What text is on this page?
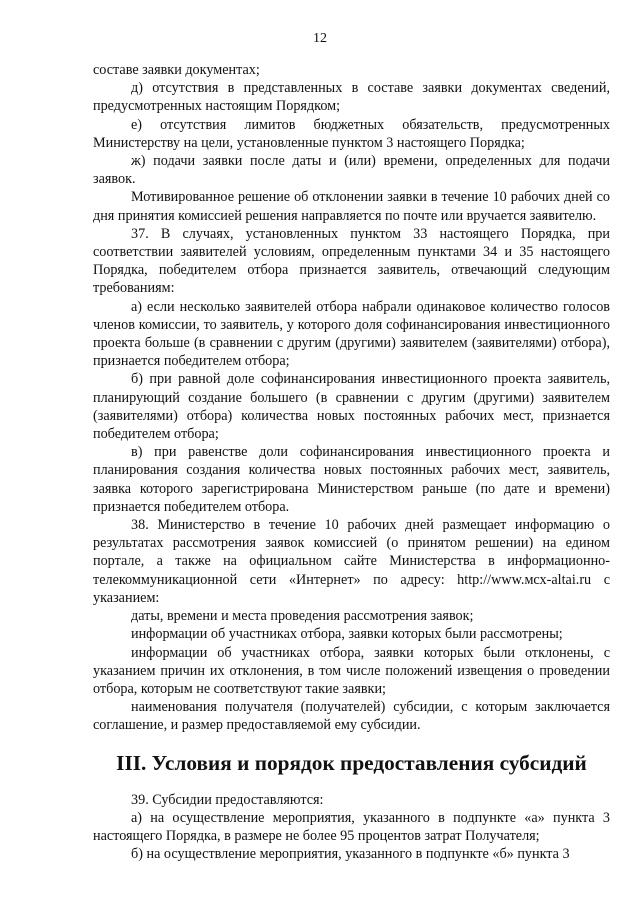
12

составе заявки документах;

д) отсутствия в представленных в составе заявки документах сведений, предусмотренных настоящим Порядком;

е) отсутствия лимитов бюджетных обязательств, предусмотренных Министерству на цели, установленные пунктом 3 настоящего Порядка;

ж) подачи заявки после даты и (или) времени, определенных для подачи заявок.

Мотивированное решение об отклонении заявки в течение 10 рабочих дней со дня принятия комиссией решения направляется по почте или вручается заявителю.

37. В случаях, установленных пунктом 33 настоящего Порядка, при соответствии заявителей условиям, определенным пунктами 34 и 35 настоящего Порядка, победителем отбора признается заявитель, отвечающий следующим требованиям:

а) если несколько заявителей отбора набрали одинаковое количество голосов членов комиссии, то заявитель, у которого доля софинансирования инвестиционного проекта больше (в сравнении с другим (другими) заявителем (заявителями) отбора), признается победителем отбора;

б) при равной доле софинансирования инвестиционного проекта заявитель, планирующий создание большего (в сравнении с другим (другими) заявителем (заявителями) отбора) количества новых постоянных рабочих мест, признается победителем отбора;

в) при равенстве доли софинансирования инвестиционного проекта и планирования создания количества новых постоянных рабочих мест, заявитель, заявка которого зарегистрирована Министерством раньше (по дате и времени) признается победителем отбора.

38. Министерство в течение 10 рабочих дней размещает информацию о результатах рассмотрения заявок комиссией (о принятом решении) на едином портале, а также на официальном сайте Министерства в информационно-телекоммуникационной сети «Интернет» по адресу: http://www.мсх-altai.ru с указанием:

даты, времени и места проведения рассмотрения заявок;

информации об участниках отбора, заявки которых были рассмотрены;

информации об участниках отбора, заявки которых были отклонены, с указанием причин их отклонения, в том числе положений извещения о проведении отбора, которым не соответствуют такие заявки;

наименования получателя (получателей) субсидии, с которым заключается соглашение, и размер предоставляемой ему субсидии.

III. Условия и порядок предоставления субсидий

39. Субсидии предоставляются:

а) на осуществление мероприятия, указанного в подпункте «а» пункта 3 настоящего Порядка, в размере не более 95 процентов затрат Получателя;

б) на осуществление мероприятия, указанного в подпункте «б» пункта 3
